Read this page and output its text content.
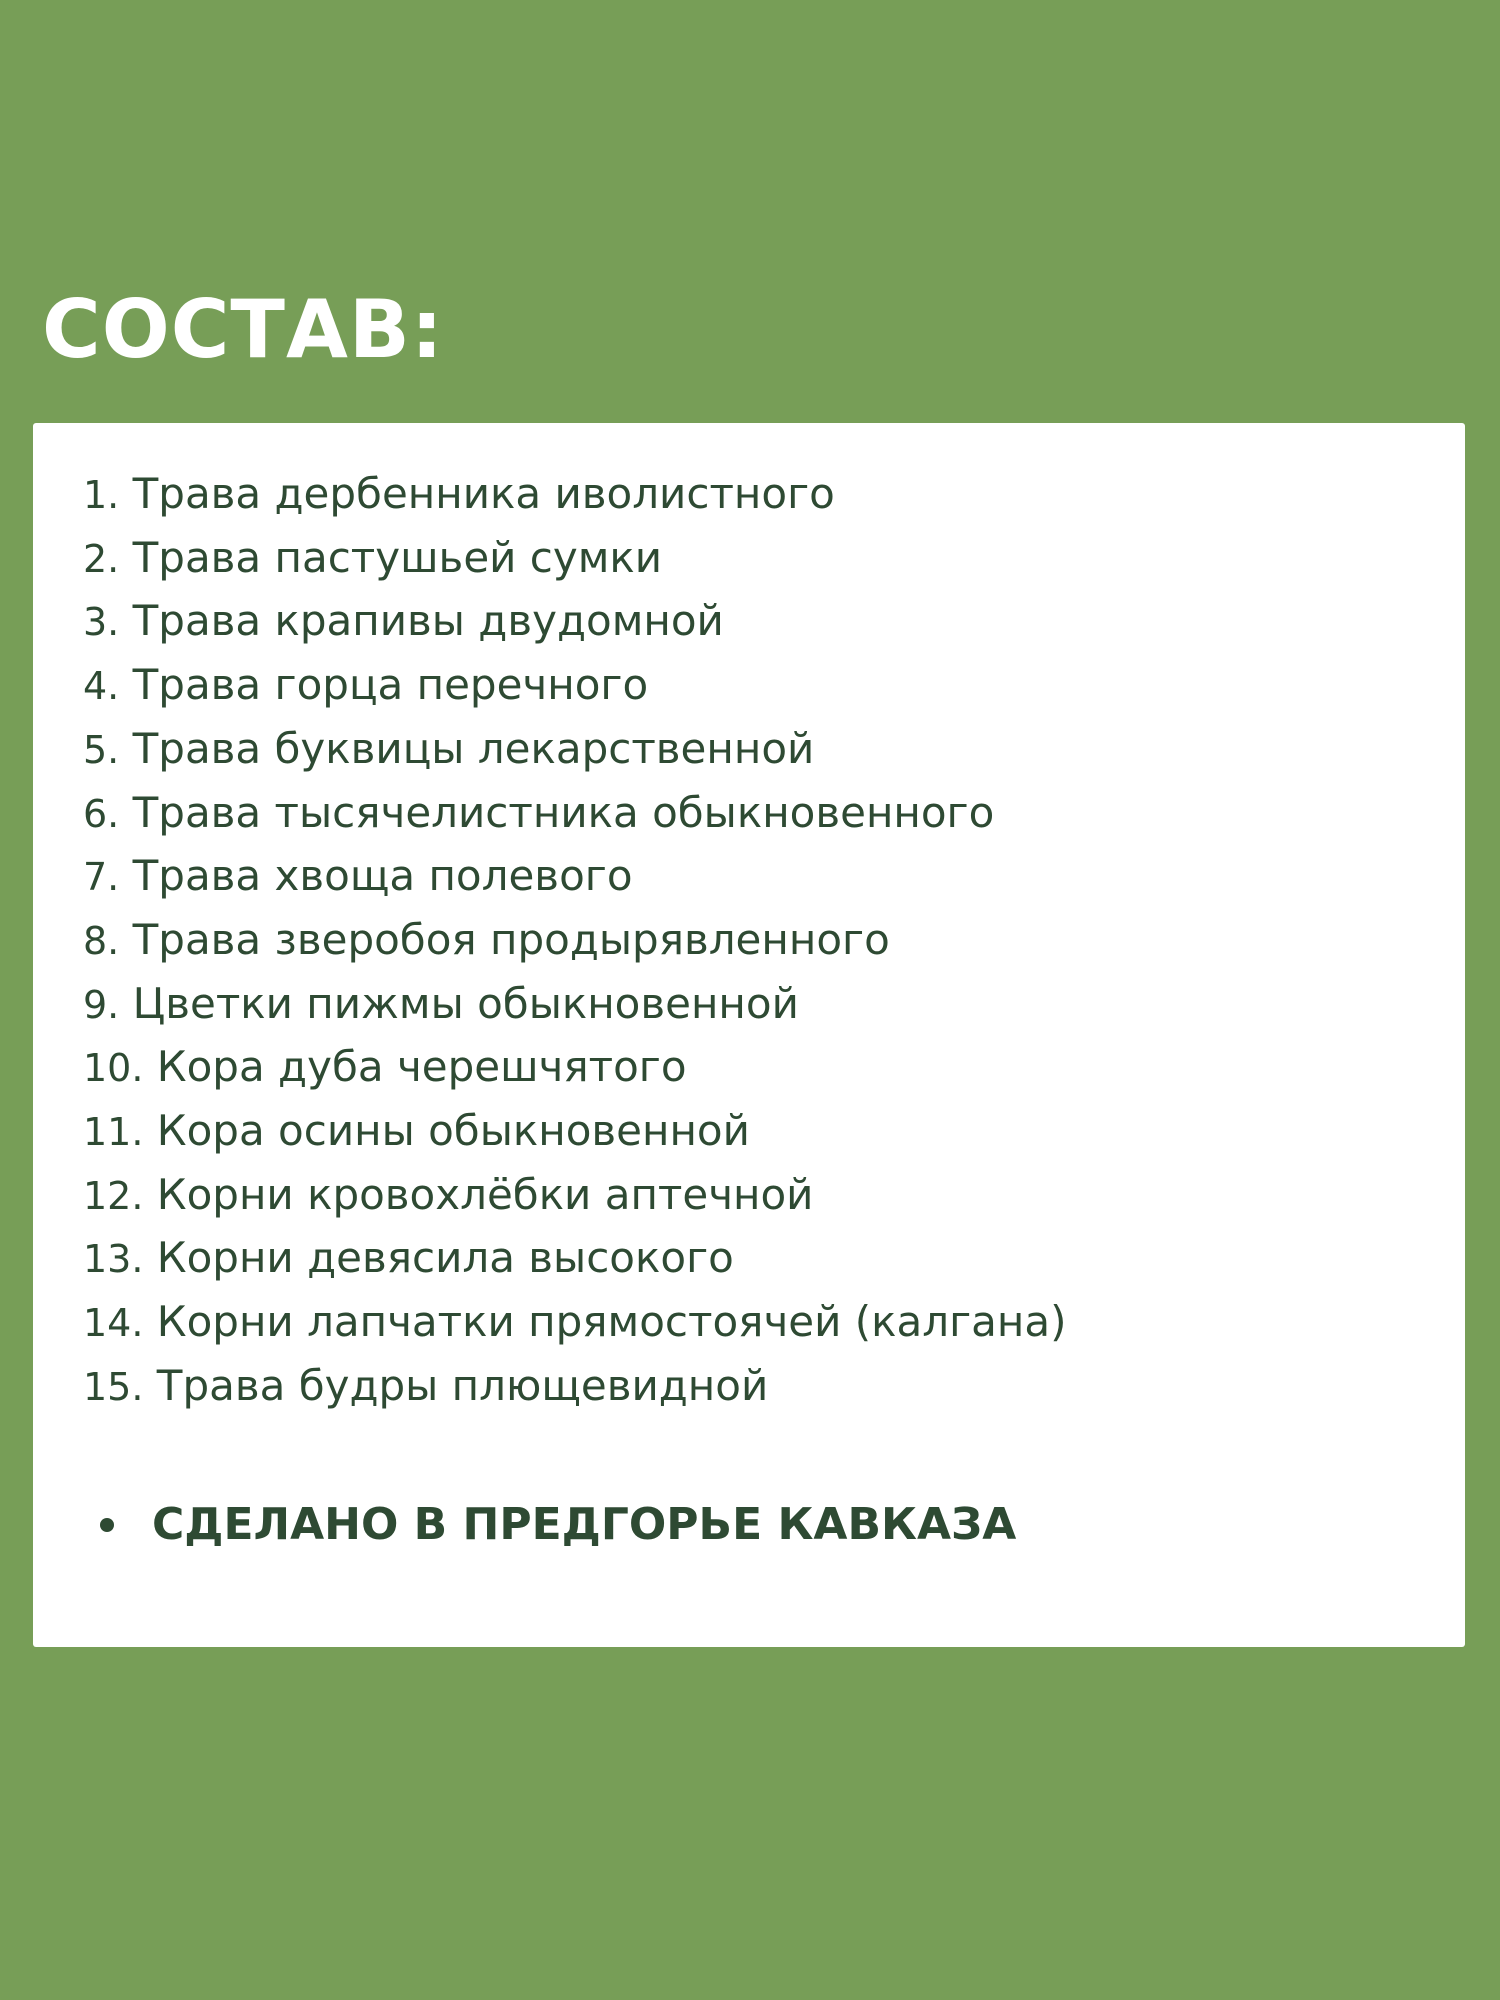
СОСТАВ:
1. Трава дербенника иволистного
2. Трава пастушьей сумки
3. Трава крапивы двудомной
4. Трава горца перечного
5. Трава буквицы лекарственной
6. Трава тысячелистника обыкновенного
7. Трава хвоща полевого
8. Трава зверобоя продырявленного
9. Цветки пижмы обыкновенной
10. Кора дуба черешчятого
11. Кора осины обыкновенной
12. Корни кровохлёбки аптечной
13. Корни девясила высокого
14. Корни лапчатки прямостоячей (калгана)
15. Трава будры плющевидной
СДЕЛАНО В ПРЕДГОРЬЕ КАВКАЗА
